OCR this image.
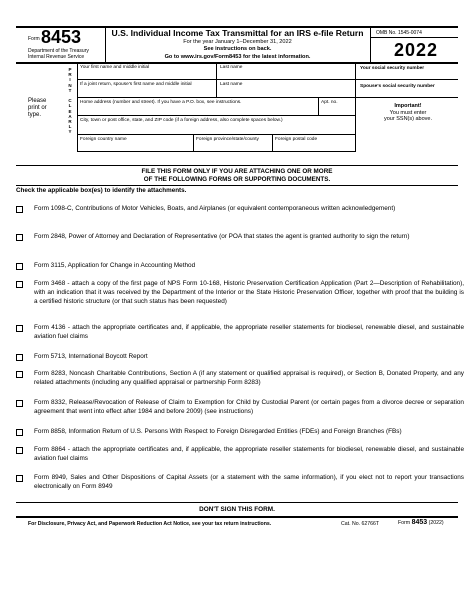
Form 8453
Department of the Treasury
Internal Revenue Service
U.S. Individual Income Tax Transmittal for an IRS e-file Return
For the year January 1–December 31, 2022
See instructions on back.
Go to www.irs.gov/Form8453 for the latest information.
OMB No. 1545-0074
2022
P
R
I
N
T
C
L
E
A
R
L
Y
Please print or type.
Your first name and middle initial	Last name
If a joint return, spouse's first name and middle initial	Last name
Home address (number and street). If you have a P.O. box, see instructions.	Apt. no.
City, town or post office, state, and ZIP code (if a foreign address, also complete spaces below.)
Foreign country name	Foreign province/state/county	Foreign postal code
Your social security number
Spouse's social security number
Important!
You must enter
your SSN(s) above.
FILE THIS FORM ONLY IF YOU ARE ATTACHING ONE OR MORE
OF THE FOLLOWING FORMS OR SUPPORTING DOCUMENTS.
Check the applicable box(es) to identify the attachments.
Form 1098-C, Contributions of Motor Vehicles, Boats, and Airplanes (or equivalent contemporaneous written acknowledgement)
Form 2848, Power of Attorney and Declaration of Representative (or POA that states the agent is granted authority to sign the return)
Form 3115, Application for Change in Accounting Method
Form 3468 - attach a copy of the first page of NPS Form 10-168, Historic Preservation Certification Application (Part 2—Description of Rehabilitation), with an indication that it was received by the Department of the Interior or the State Historic Preservation Officer, together with proof that the building is a certified historic structure (or that such status has been requested)
Form 4136 - attach the appropriate certificates and, if applicable, the appropriate reseller statements for biodiesel, renewable diesel, and sustainable aviation fuel claims
Form 5713, International Boycott Report
Form 8283, Noncash Charitable Contributions, Section A (if any statement or qualified appraisal is required), or Section B, Donated Property, and any related attachments (including any qualified appraisal or partnership Form 8283)
Form 8332, Release/Revocation of Release of Claim to Exemption for Child by Custodial Parent (or certain pages from a divorce decree or separation agreement that went into effect after 1984 and before 2009) (see instructions)
Form 8858, Information Return of U.S. Persons With Respect to Foreign Disregarded Entities (FDEs) and Foreign Branches (FBs)
Form 8864 - attach the appropriate certificates and, if applicable, the appropriate reseller statements for biodiesel, renewable diesel, and sustainable aviation fuel claims
Form 8949, Sales and Other Dispositions of Capital Assets (or a statement with the same information), if you elect not to report your transactions electronically on Form 8949
DON'T SIGN THIS FORM.
For Disclosure, Privacy Act, and Paperwork Reduction Act Notice, see your tax return instructions.	Cat. No. 62766T	Form 8453 (2022)
